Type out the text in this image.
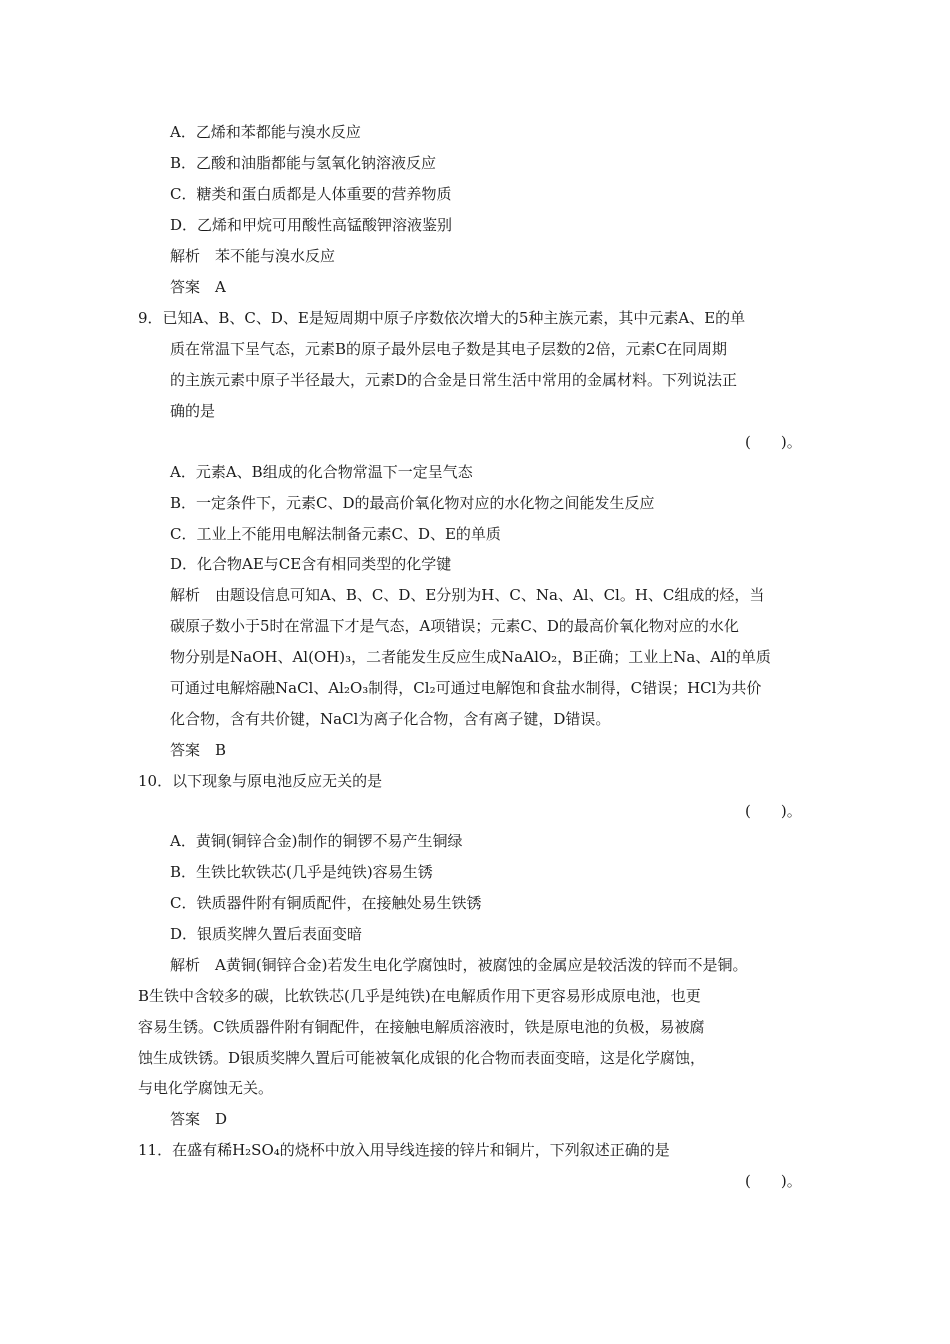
A．乙烯和苯都能与溴水反应
B．乙酸和油脂都能与氢氧化钠溶液反应
C．糖类和蛋白质都是人体重要的营养物质
D．乙烯和甲烷可用酸性高锰酸钾溶液鉴别
解析　苯不能与溴水反应
答案　A
9．已知A、B、C、D、E是短周期中原子序数依次增大的5种主族元素，其中元素A、E的单
质在常温下呈气态，元素B的原子最外层电子数是其电子层数的2倍，元素C在同周期
的主族元素中原子半径最大，元素D的合金是日常生活中常用的金属材料。下列说法正
确的是
(　　)。
A．元素A、B组成的化合物常温下一定呈气态
B．一定条件下，元素C、D的最高价氧化物对应的水化物之间能发生反应
C．工业上不能用电解法制备元素C、D、E的单质
D．化合物AE与CE含有相同类型的化学键
解析　由题设信息可知A、B、C、D、E分别为H、C、Na、Al、Cl。H、C组成的烃，当
碳原子数小于5时在常温下才是气态，A项错误；元素C、D的最高价氧化物对应的水化
物分别是NaOH、Al(OH)₃，二者能发生反应生成NaAlO₂，B正确；工业上Na、Al的单质
可通过电解熔融NaCl、Al₂O₃制得，Cl₂可通过电解饱和食盐水制得，C错误；HCl为共价
化合物，含有共价键，NaCl为离子化合物，含有离子键，D错误。
答案　B
10．以下现象与原电池反应无关的是
(　　)。
A．黄铜(铜锌合金)制作的铜锣不易产生铜绿
B．生铁比软铁芯(几乎是纯铁)容易生锈
C．铁质器件附有铜质配件，在接触处易生铁锈
D．银质奖牌久置后表面变暗
解析　A黄铜(铜锌合金)若发生电化学腐蚀时，被腐蚀的金属应是较活泼的锌而不是铜。
B生铁中含较多的碳，比软铁芯(几乎是纯铁)在电解质作用下更容易形成原电池，也更
容易生锈。C铁质器件附有铜配件，在接触电解质溶液时，铁是原电池的负极，易被腐
蚀生成铁锈。D银质奖牌久置后可能被氧化成银的化合物而表面变暗，这是化学腐蚀，
与电化学腐蚀无关。
答案　D
11．在盛有稀H₂SO₄的烧杯中放入用导线连接的锌片和铜片，下列叙述正确的是
(　　)。
